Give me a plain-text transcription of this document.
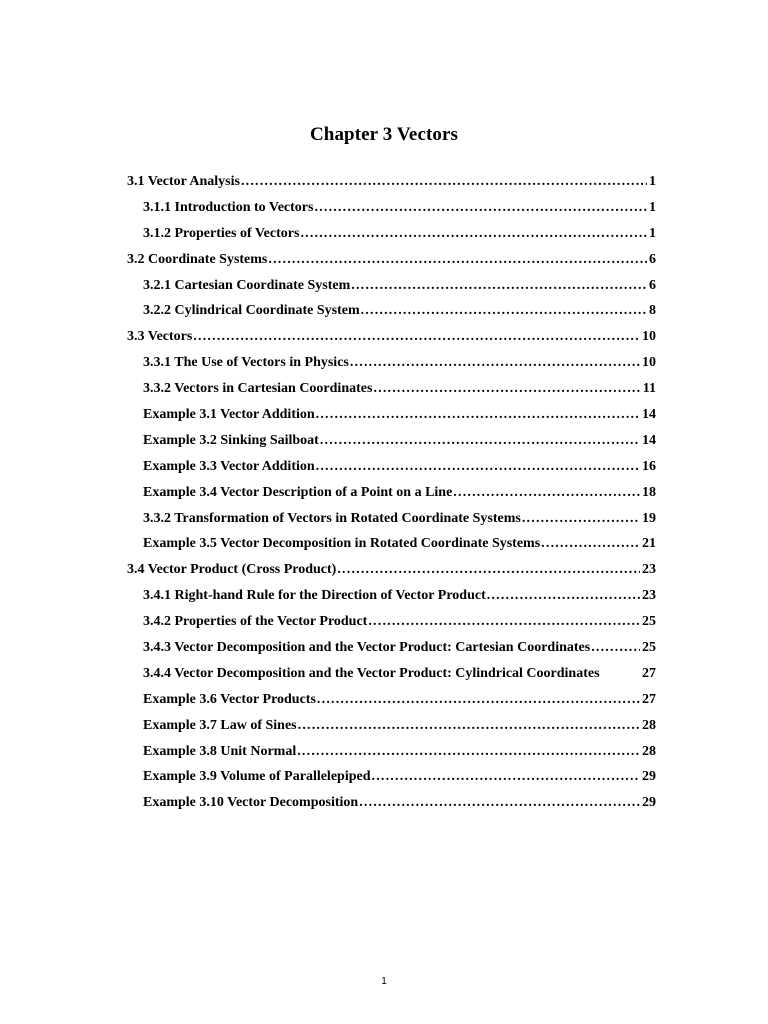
Chapter 3 Vectors
3.1 Vector Analysis .....	1
3.1.1 Introduction to Vectors .....	1
3.1.2 Properties of Vectors .....	1
3.2 Coordinate Systems .....	6
3.2.1 Cartesian Coordinate System .....	6
3.2.2 Cylindrical Coordinate System .....	8
3.3 Vectors .....	10
3.3.1 The Use of Vectors in Physics .....	10
3.3.2 Vectors in Cartesian Coordinates .....	11
Example 3.1 Vector Addition .....	14
Example 3.2 Sinking Sailboat .....	14
Example 3.3 Vector Addition .....	16
Example 3.4 Vector Description of a Point on a Line .....	18
3.3.2 Transformation of Vectors in Rotated Coordinate Systems .....	19
Example 3.5 Vector Decomposition in Rotated Coordinate Systems .....	21
3.4 Vector Product (Cross Product) .....	23
3.4.1 Right-hand Rule for the Direction of Vector Product .....	23
3.4.2 Properties of the Vector Product .....	25
3.4.3 Vector Decomposition and the Vector Product: Cartesian Coordinates .....	25
3.4.4 Vector Decomposition and the Vector Product: Cylindrical Coordinates	27
Example 3.6 Vector Products .....	27
Example 3.7 Law of Sines .....	28
Example 3.8 Unit Normal .....	28
Example 3.9 Volume of Parallelepiped .....	29
Example 3.10 Vector Decomposition .....	29
1
